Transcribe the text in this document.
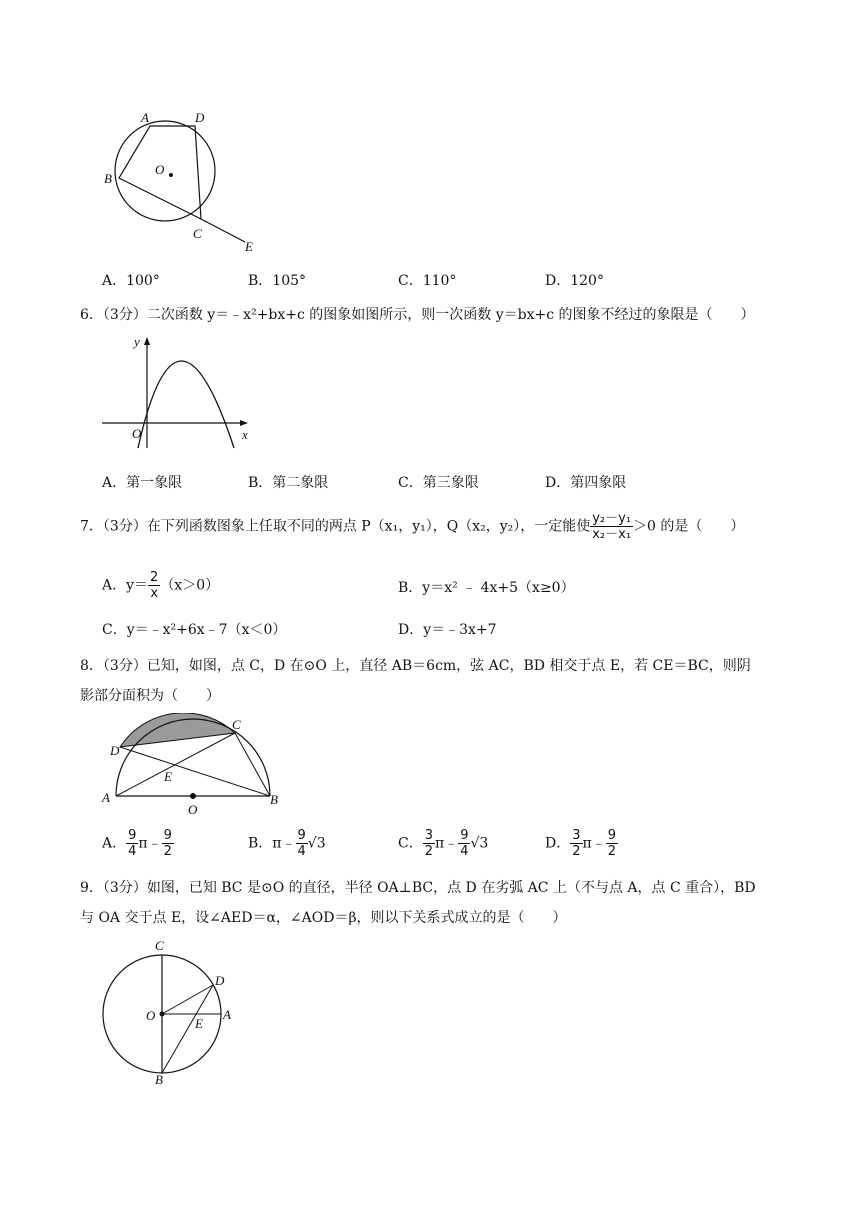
A	D
B
O
C
E
A．100°	B．105°	C．110°	D．120°
6．（3分）二次函数 y＝﹣x²+bx+c 的图象如图所示，则一次函数 y＝bx+c 的图象不经过的象限是（　　）
y
O	x
A．第一象限	B．第二象限	C．第三象限	D．第四象限
7．（3分）在下列函数图象上任取不同的两点 P（x₁，y₁），Q（x₂，y₂），一定能使 $\frac{\text{y₂－y₁}}{\text{x₂－x₁}} >0$ 的是（　　）
A．$y= \frac{2}{x} (x>0)$	B．y＝x² ﹣ 4x+5（x≥0）
C．y＝﹣x²+6x﹣7（x＜0）	D．y＝﹣3x+7
8．（3分）已知，如图，点 C，D 在⊙O 上，直径 AB＝6cm，弦 AC，BD 相交于点 E，若 CE＝BC，则阴
影部分面积为（　　）
C
D
E
A
O
B
A． $\frac{9}{4}$ π﹣ $\frac{9}{2}$	B．π﹣ $\frac{9}{4} √3$	C． $\frac{3}{2}$ π﹣ $\frac{9}{4} √3$	D． $\frac{3}{2}$ π﹣ $\frac{9}{2}$
9．（3分）如图，已知 BC 是⊙O 的直径，半径 OA⊥BC，点 D 在劣弧 AC 上（不与点 A，点 C 重合），BD
与 OA 交于点 E，设∠AED＝α，∠AOD＝β，则以下关系式成立的是（　　）
C
D
O
E
A
B
